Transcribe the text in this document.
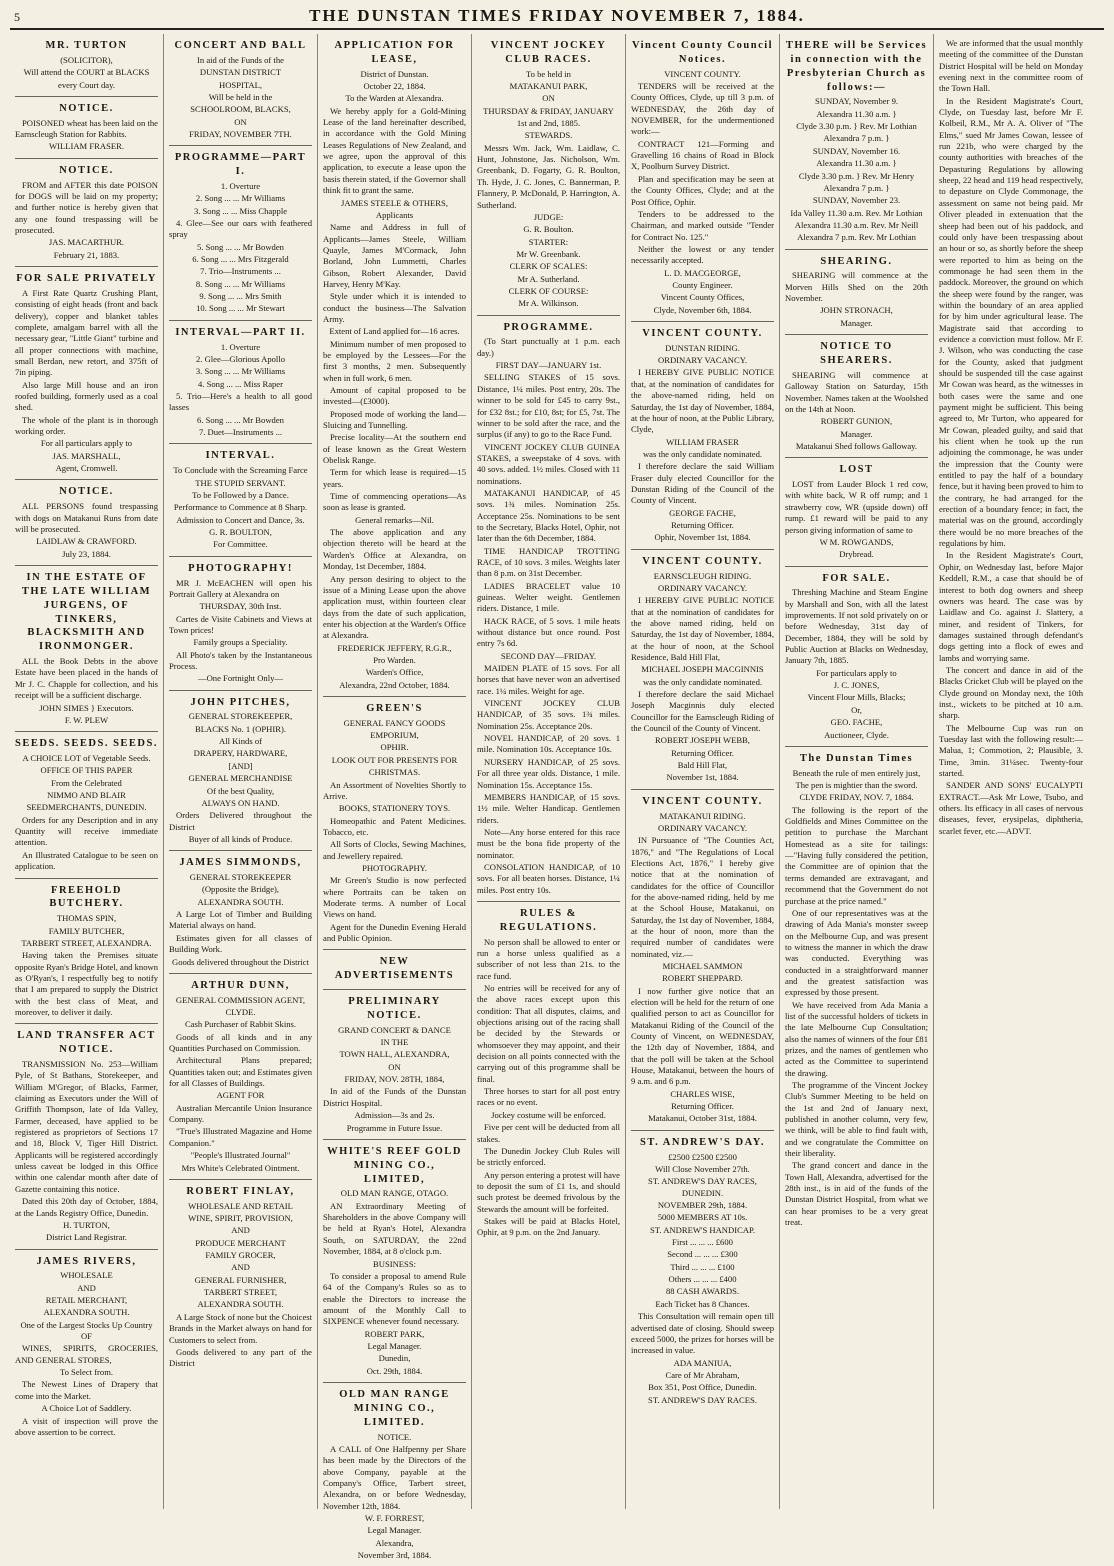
5	THE DUNSTAN TIMES FRIDAY NOVEMBER 7, 1884.
MR. TURTON

(SOLICITOR),

Will attend the COURT at BLACKS

every Court day.

NOTICE.

POISONED wheat has been laid on the Earnscleugh Station for Rabbits.

WILLIAM FRASER.

NOTICE.

FROM and AFTER this date POISON for DOGS will be laid on my property; and further notice is hereby given that any one found trespassing will be prosecuted.

JAS. MACARTHUR.

February 21, 1883.

FOR SALE PRIVATELY

A First Rate Quartz Crushing Plant, consisting of eight heads (front and back delivery), copper and blanket tables complete, amalgam barrel with all the necessary gear, "Little Giant" turbine and all proper connections with machine, small Berdan, new retort, and 375ft of 7in piping.

Also large Mill house and an iron roofed building, formerly used as a coal shed.

The whole of the plant is in thorough working order.

For all particulars apply to

JAS. MARSHALL,

Agent, Cromwell.

NOTICE.

ALL PERSONS found trespassing with dogs on Matakanui Runs from date will be prosecuted.

LAIDLAW & CRAWFORD.

July 23, 1884.

IN THE ESTATE OF THE LATE WILLIAM JURGENS, OF TINKERS, BLACKSMITH AND IRONMONGER.

ALL the Book Debts in the above Estate have been placed in the hands of Mr J. C. Chapple for collection, and his receipt will be a sufficient discharge.

JOHN SIMES } Executors.

F. W. PLEW

SEEDS. SEEDS. SEEDS.

A CHOICE LOT of Vegetable Seeds.

OFFICE OF THIS PAPER

From the Celebrated

NIMMO AND BLAIR

SEEDMERCHANTS, DUNEDIN.

Orders for any Description and in any Quantity will receive immediate attention.

An Illustrated Catalogue to be seen on application.

FREEHOLD BUTCHERY.

THOMAS SPIN,

FAMILY BUTCHER,

TARBERT STREET, ALEXANDRA.

Having taken the Premises situate opposite Ryan's Bridge Hotel, and known as O'Ryan's, I respectfully beg to notify that I am prepared to supply the District with the best class of Meat, and moreover, to deliver it daily.

LAND TRANSFER ACT NOTICE.

TRANSMISSION No. 253—William Pyle, of St Bathans, Storekeeper, and William M'Gregor, of Blacks, Farmer, claiming as Executors under the Will of Griffith Thompson, late of Ida Valley, Farmer, deceased, have applied to be registered as proprietors of Sections 17 and 18, Block V, Tiger Hill District. Applicants will be registered accordingly unless caveat be lodged in this Office within one calendar month after date of Gazette containing this notice.

Dated this 20th day of October, 1884, at the Lands Registry Office, Dunedin.

H. TURTON,

District Land Registrar.

JAMES RIVERS,

WHOLESALE

AND

RETAIL MERCHANT,

ALEXANDRA SOUTH.

One of the Largest Stocks Up Country OF

WINES, SPIRITS, GROCERIES, AND GENERAL STORES,

To Select from.

The Newest Lines of Drapery that come into the Market.

A Choice Lot of Saddlery.

A visit of inspection will prove the above assertion to be correct.

CONCERT AND BALL

In aid of the Funds of the

DUNSTAN DISTRICT

HOSPITAL,

Will be held in the

SCHOOLROOM, BLACKS,

ON

FRIDAY, NOVEMBER 7TH.

PROGRAMME—PART I.

1. Overture

2. Song ... ... Mr Williams

3. Song ... ... Miss Chapple

4. Glee—See our oars with feathered spray

5. Song ... ... Mr Bowden

6. Song ... ... Mrs Fitzgerald

7. Trio—Instruments ...

8. Song ... ... Mr Williams

9. Song ... ... Mrs Smith

10. Song ... ... Mr Stewart

INTERVAL—PART II.

1. Overture

2. Glee—Glorious Apollo

3. Song ... ... Mr Williams

4. Song ... ... Miss Raper

5. Trio—Here's a health to all good lasses

6. Song ... ... Mr Bowden

7. Duet—Instruments ...

INTERVAL.

To Conclude with the Screaming Farce

THE STUPID SERVANT.

To be Followed by a Dance.

Performance to Commence at 8 Sharp.

Admission to Concert and Dance, 3s.

G. R. BOULTON,

For Committee.

PHOTOGRAPHY!

MR J. McEACHEN will open his Portrait Gallery at Alexandra on

THURSDAY, 30th Inst.

Cartes de Visite Cabinets and Views at Town prices!

Family groups a Speciality.

All Photo's taken by the Instantaneous Process.

—One Fortnight Only—

JOHN PITCHES,

GENERAL STOREKEEPER,

BLACKS No. 1 (OPHIR).

All Kinds of

DRAPERY, HARDWARE,

[AND]

GENERAL MERCHANDISE

Of the best Quality,

ALWAYS ON HAND.

Orders Delivered throughout the District

Buyer of all kinds of Produce.

JAMES SIMMONDS,

GENERAL STOREKEEPER

(Opposite the Bridge),

ALEXANDRA SOUTH.

A Large Lot of Timber and Building Material always on hand.

Estimates given for all classes of Building Work.

Goods delivered throughout the District

ARTHUR DUNN,

GENERAL COMMISSION AGENT,

CLYDE.

Cash Purchaser of Rabbit Skins.

Goods of all kinds and in any Quantities Purchased on Commission.

Architectural Plans prepared; Quantities taken out; and Estimates given for all Classes of Buildings.

AGENT FOR

Australian Mercantile Union Insurance Company.

"True's Illustrated Magazine and Home Companion."

"People's Illustrated Journal"

Mrs White's Celebrated Ointment.

ROBERT FINLAY,

WHOLESALE AND RETAIL

WINE, SPIRIT, PROVISION,

AND

PRODUCE MERCHANT

FAMILY GROCER,

AND

GENERAL FURNISHER,

TARBERT STREET,

ALEXANDRA SOUTH.

A Large Stock of none but the Choicest Brands in the Market always on hand for Customers to select from.

Goods delivered to any part of the District

APPLICATION FOR LEASE,

District of Dunstan.

October 22, 1884.

To the Warden at Alexandra.

We hereby apply for a Gold-Mining Lease of the land hereinafter described, in accordance with the Gold Mining Leases Regulations of New Zealand, and we agree, upon the approval of this application, to execute a lease upon the basis therein stated, if the Governor shall think fit to grant the same.

JAMES STEELE & OTHERS,

Applicants

Name and Address in full of Applicants—James Steele, William Quayle, James M'Cormack, John Borland, John Lummetti, Charles Gibson, Robert Alexander, David Harvey, Henry M'Kay.

Style under which it is intended to conduct the business—The Salvation Army.

Extent of Land applied for—16 acres.

Minimum number of men proposed to be employed by the Lessees—For the first 3 months, 2 men. Subsequently when in full work, 6 men.

Amount of capital proposed to be invested—(£3000).

Proposed mode of working the land—Sluicing and Tunnelling.

Precise locality—At the southern end of lease known as the Great Western Obelisk Range.

Term for which lease is required—15 years.

Time of commencing operations—As soon as lease is granted.

General remarks—Nil.

The above application and any objection thereto will be heard at the Warden's Office at Alexandra, on Monday, 1st December, 1884.

Any person desiring to object to the issue of a Mining Lease upon the above application must, within fourteen clear days from the date of such application, enter his objection at the Warden's Office at Alexandra.

FREDERICK JEFFERY, R.G.R.,

Pro Warden.

Warden's Office,

Alexandra, 22nd October, 1884.

GREEN'S

GENERAL FANCY GOODS

EMPORIUM,

OPHIR.

LOOK OUT FOR PRESENTS FOR

CHRISTMAS.

An Assortment of Novelties Shortly to Arrive.

BOOKS, STATIONERY TOYS.

Homeopathic and Patent Medicines. Tobacco, etc.

All Sorts of Clocks, Sewing Machines, and Jewellery repaired.

PHOTOGRAPHY.

Mr Green's Studio is now perfected where Portraits can be taken on Moderate terms. A number of Local Views on hand.

Agent for the Dunedin Evening Herald and Public Opinion.

NEW ADVERTISEMENTS
PRELIMINARY NOTICE.

GRAND CONCERT & DANCE

IN THE

TOWN HALL, ALEXANDRA,

ON

FRIDAY, NOV. 28TH, 1884,

In aid of the Funds of the Dunstan District Hospital.

Admission—3s and 2s.

Programme in Future Issue.

WHITE'S REEF GOLD MINING CO., LIMITED,

OLD MAN RANGE, OTAGO.

AN Extraordinary Meeting of Shareholders in the above Company will be held at Ryan's Hotel, Alexandra South, on SATURDAY, the 22nd November, 1884, at 8 o'clock p.m.

BUSINESS:

To consider a proposal to amend Rule 64 of the Company's Rules so as to enable the Directors to increase the amount of the Monthly Call to SIXPENCE whenever found necessary.

ROBERT PARK,

Legal Manager.

Dunedin,

Oct. 29th, 1884.

OLD MAN RANGE MINING CO., LIMITED.

NOTICE.

A CALL of One Halfpenny per Share has been made by the Directors of the above Company, payable at the Company's Office, Tarbert street, Alexandra, on or before Wednesday, November 12th, 1884.

W. F. FORREST,

Legal Manager.

Alexandra,

November 3rd, 1884.

VINCENT JOCKEY CLUB RACES.

To be held in

MATAKANUI PARK,

ON

THURSDAY & FRIDAY, JANUARY

1st and 2nd, 1885.

STEWARDS.

Messrs Wm. Jack, Wm. Laidlaw, C. Hunt, Johnstone, Jas. Nicholson, Wm. Greenbank, D. Fogarty, G. R. Boulton, Th. Hyde, J. C. Jones, C. Bannerman, P. Flannery, P. McDonald, P. Harrington, A. Sutherland.

JUDGE:

G. R. Boulton.

STARTER:

Mr W. Greenbank.

CLERK OF SCALES:

Mr A. Sutherland.

CLERK OF COURSE:

Mr A. Wilkinson.

PROGRAMME.

(To Start punctually at 1 p.m. each day.)

FIRST DAY—JANUARY 1st.

SELLING STAKES of 15 sovs. Distance, 1¼ miles. Post entry, 20s. The winner to be sold for £45 to carry 9st., for £32 8st.; for £10, 8st; for £5, 7st. The winner to be sold after the race, and the surplus (if any) to go to the Race Fund.

VINCENT JOCKEY CLUB GUINEA STAKES, a sweepstake of 4 sovs. with 40 sovs. added. 1½ miles. Closed with 11 nominations.

MATAKANUI HANDICAP, of 45 sovs. 1¾ miles. Nomination 25s. Acceptance 25s. Nominations to be sent to the Secretary, Blacks Hotel, Ophir, not later than the 6th December, 1884.

TIME HANDICAP TROTTING RACE, of 10 sovs. 3 miles. Weights later than 8 p.m. on 31st December.

LADIES BRACELET value 10 guineas. Welter weight. Gentlemen riders. Distance, 1 mile.

HACK RACE, of 5 sovs. 1 mile heats without distance but once round. Post entry 7s 6d.

SECOND DAY—FRIDAY.

MAIDEN PLATE of 15 sovs. For all horses that have never won an advertised race. 1¼ miles. Weight for age.

VINCENT JOCKEY CLUB HANDICAP, of 35 sovs. 1¾ miles. Nomination 25s. Acceptance 20s.

NOVEL HANDICAP, of 20 sovs. 1 mile. Nomination 10s. Acceptance 10s.

NURSERY HANDICAP, of 25 sovs. For all three year olds. Distance, 1 mile. Nomination 15s. Acceptance 15s.

MEMBERS HANDICAP, of 15 sovs. 1½ mile. Welter Handicap. Gentlemen riders.

Note—Any horse entered for this race must be the bona fide property of the nominator.

CONSOLATION HANDICAP, of 10 sovs. For all beaten horses. Distance, 1¼ miles. Post entry 10s.

RULES & REGULATIONS.

No person shall be allowed to enter or run a horse unless qualified as a subscriber of not less than 21s. to the race fund.

No entries will be received for any of the above races except upon this condition: That all disputes, claims, and objections arising out of the racing shall be decided by the Stewards or whomsoever they may appoint, and their decision on all points connected with the carrying out of this programme shall be final.

Three horses to start for all post entry races or no event.

Jockey costume will be enforced.

Five per cent will be deducted from all stakes.

The Dunedin Jockey Club Rules will be strictly enforced.

Any person entering a protest will have to deposit the sum of £1 1s, and should such protest be deemed frivolous by the Stewards the amount will be forfeited.

Stakes will be paid at Blacks Hotel, Ophir, at 9 p.m. on the 2nd January.

Vincent County Council Notices.

VINCENT COUNTY.

TENDERS will be received at the County Offices, Clyde, up till 3 p.m. of WEDNESDAY, the 26th day of NOVEMBER, for the undermentioned work:—

CONTRACT 121—Forming and Gravelling 16 chains of Road in Block X, Poolburn Survey District.

Plan and specification may be seen at the County Offices, Clyde; and at the Post Office, Ophir.

Tenders to be addressed to the Chairman, and marked outside "Tender for Contract No. 125."

Neither the lowest or any tender necessarily accepted.

L. D. MACGEORGE,

County Engineer.

Vincent County Offices,

Clyde, November 6th, 1884.

VINCENT COUNTY.

DUNSTAN RIDING.

ORDINARY VACANCY.

I HEREBY GIVE PUBLIC NOTICE that, at the nomination of candidates for the above-named riding, held on Saturday, the 1st day of November, 1884, at the hour of noon, at the Public Library, Clyde,

WILLIAM FRASER

was the only candidate nominated.

I therefore declare the said William Fraser duly elected Councillor for the Dunstan Riding of the Council of the County of Vincent.

GEORGE FACHE,

Returning Officer.

Ophir, November 1st, 1884.

VINCENT COUNTY.

EARNSCLEUGH RIDING.

ORDINARY VACANCY.

I HEREBY GIVE PUBLIC NOTICE that at the nomination of candidates for the above named riding, held on Saturday, the 1st day of November, 1884, at the hour of noon, at the School Residence, Bald Hill Flat,

MICHAEL JOSEPH MACGINNIS

was the only candidate nominated.

I therefore declare the said Michael Joseph Macginnis duly elected Councillor for the Earnscleugh Riding of the Council of the County of Vincent.

ROBERT JOSEPH WEBB,

Returning Officer.

Bald Hill Flat,

November 1st, 1884.

VINCENT COUNTY.

MATAKANUI RIDING.

ORDINARY VACANCY.

IN Pursuance of "The Counties Act, 1876," and "The Regulations of Local Elections Act, 1876," I hereby give notice that at the nomination of candidates for the office of Councillor for the above-named riding, held by me at the School House, Matakanui, on Saturday, the 1st day of November, 1884, at the hour of noon, more than the required number of candidates were nominated, viz.—

MICHAEL SAMMON

ROBERT SHEPPARD.

I now further give notice that an election will be held for the return of one qualified person to act as Councillor for Matakanui Riding of the Council of the County of Vincent, on WEDNESDAY, the 12th day of November, 1884, and that the poll will be taken at the School House, Matakanui, between the hours of 9 a.m. and 6 p.m.

CHARLES WISE,

Returning Officer.

Matakanui, October 31st, 1884.

ST. ANDREW'S DAY.

£2500 £2500 £2500

Will Close November 27th.

ST. ANDREW'S DAY RACES, DUNEDIN.

NOVEMBER 29th, 1884.

5000 MEMBERS AT 10s.

ST. ANDREW'S HANDICAP.

First ... ... ... £600

Second ... ... ... £300

Third ... ... ... £100

Others ... ... ... £400

88 CASH AWARDS.

Each Ticket has 8 Chances.

This Consultation will remain open till advertised date of closing. Should sweep exceed 5000, the prizes for horses will be increased in value.

ADA MANIUA,

Care of Mr Abraham,

Box 351, Post Office, Dunedin.

ST. ANDREW'S DAY RACES.

THERE will be Services in connection with the Presbyterian Church as follows:—

SUNDAY, November 9.

Alexandra 11.30 a.m. }

Clyde 3.30 p.m. } Rev. Mr Lothian

Alexandra 7 p.m. }

SUNDAY, November 16.

Alexandra 11.30 a.m. }

Clyde 3.30 p.m. } Rev. Mr Henry

Alexandra 7 p.m. }

SUNDAY, November 23.

Ida Valley 11.30 a.m. Rev. Mr Lothian

Alexandra 11.30 a.m. Rev. Mr Neill

Alexandra 7 p.m. Rev. Mr Lothian

SHEARING.

SHEARING will commence at the Morven Hills Shed on the 20th November.

JOHN STRONACH,

Manager.

NOTICE TO SHEARERS.

SHEARING will commence at Galloway Station on Saturday, 15th November. Names taken at the Woolshed on the 14th at Noon.

ROBERT GUNION,

Manager.

Matakanui Shed follows Galloway.

LOST

LOST from Lauder Block 1 red cow, with white back, W R off rump; and 1 strawberry cow, WR (upside down) off rump. £1 reward will be paid to any person giving information of same to

W M. ROWGANDS,

Drybread.

FOR SALE.

Threshing Machine and Steam Engine by Marshall and Son, with all the latest improvements. If not sold privately on or before Wednesday, 31st day of December, 1884, they will be sold by Public Auction at Blacks on Wednesday, January 7th, 1885.

For particulars apply to

J. C. JONES,

Vincent Flour Mills, Blacks;

Or,

GEO. FACHE,

Auctioneer, Clyde.

The Dunstan Times

Beneath the rule of men entirely just,

The pen is mightier than the sword.

CLYDE FRIDAY, NOV. 7, 1884.

The following is the report of the Goldfields and Mines Committee on the petition to purchase the Marchant Homestead as a site for tailings:—"Having fully considered the petition, the Committee are of opinion that the terms demanded are extravagant, and recommend that the Government do not purchase at the price named."

One of our representatives was at the drawing of Ada Mania's monster sweep on the Melbourne Cup, and was present to witness the manner in which the draw was conducted. Everything was conducted in a straightforward manner and the greatest satisfaction was expressed by those present.

We have received from Ada Mania a list of the successful holders of tickets in the late Melbourne Cup Consultation; also the names of winners of the four £81 prizes, and the names of gentlemen who acted as the Committee to superintend the drawing.

The programme of the Vincent Jockey Club's Summer Meeting to be held on the 1st and 2nd of January next, published in another column, very few, we think, will be able to find fault with, and we congratulate the Committee on their liberality.

The grand concert and dance in the Town Hall, Alexandra, advertised for the 28th inst., is in aid of the funds of the Dunstan District Hospital, from what we can hear promises to be a very great treat.

We are informed that the usual monthly meeting of the committee of the Dunstan District Hospital will be held on Monday evening next in the committee room of the Town Hall.

In the Resident Magistrate's Court, Clyde, on Tuesday last, before Mr F. Kolbeil, R.M., Mr A. A. Oliver of "The Elms," sued Mr James Cowan, lessee of run 221b, who were charged by the county authorities with breaches of the Depasturing Regulations by allowing sheep, 22 head and 119 head respectively, to depasture on Clyde Commonage, the assessment on same not being paid. Mr Oliver pleaded in extenuation that the sheep had been out of his paddock, and could only have been trespassing about an hour or so, as shortly before the sheep were reported to him as being on the commonage he had seen them in the paddock. Moreover, the ground on which the sheep were found by the ranger, was within the boundary of an area applied for by him under agricultural lease. The Magistrate said that according to evidence a conviction must follow. Mr F. J. Wilson, who was conducting the case for the County, asked that judgment should be suspended till the case against Mr Cowan was heard, as the witnesses in both cases were the same and one payment might be sufficient. This being agreed to, Mr Turton, who appeared for Mr Cowan, pleaded guilty, and said that his client when he took up the run adjoining the commonage, he was under the impression that the County were entitled to pay the half of a boundary fence, but it having been proved to him to the contrary, he had arranged for the erection of a boundary fence; in fact, the material was on the ground, accordingly there would be no more breaches of the regulations by him.

In the Resident Magistrate's Court, Ophir, on Wednesday last, before Major Keddell, R.M., a case that should be of interest to both dog owners and sheep owners was heard. The case was by Laidlaw and Co. against J. Slattery, a miner, and resident of Tinkers, for damages sustained through defendant's dogs getting into a flock of ewes and lambs and worrying same.

The concert and dance in aid of the Blacks Cricket Club will be played on the Clyde ground on Monday next, the 10th inst., wickets to be pitched at 10 a.m. sharp.

The Melbourne Cup was run on Tuesday last with the following result:—Malua, 1; Commotion, 2; Plausible, 3. Time, 3min. 31¼sec. Twenty-four started.

SANDER AND SONS' EUCALYPTI EXTRACT.—Ask Mr Lowe, Tsubo, and others. Its efficacy in all cases of nervous diseases, fever, erysipelas, diphtheria, scarlet fever, etc.—ADVT.
